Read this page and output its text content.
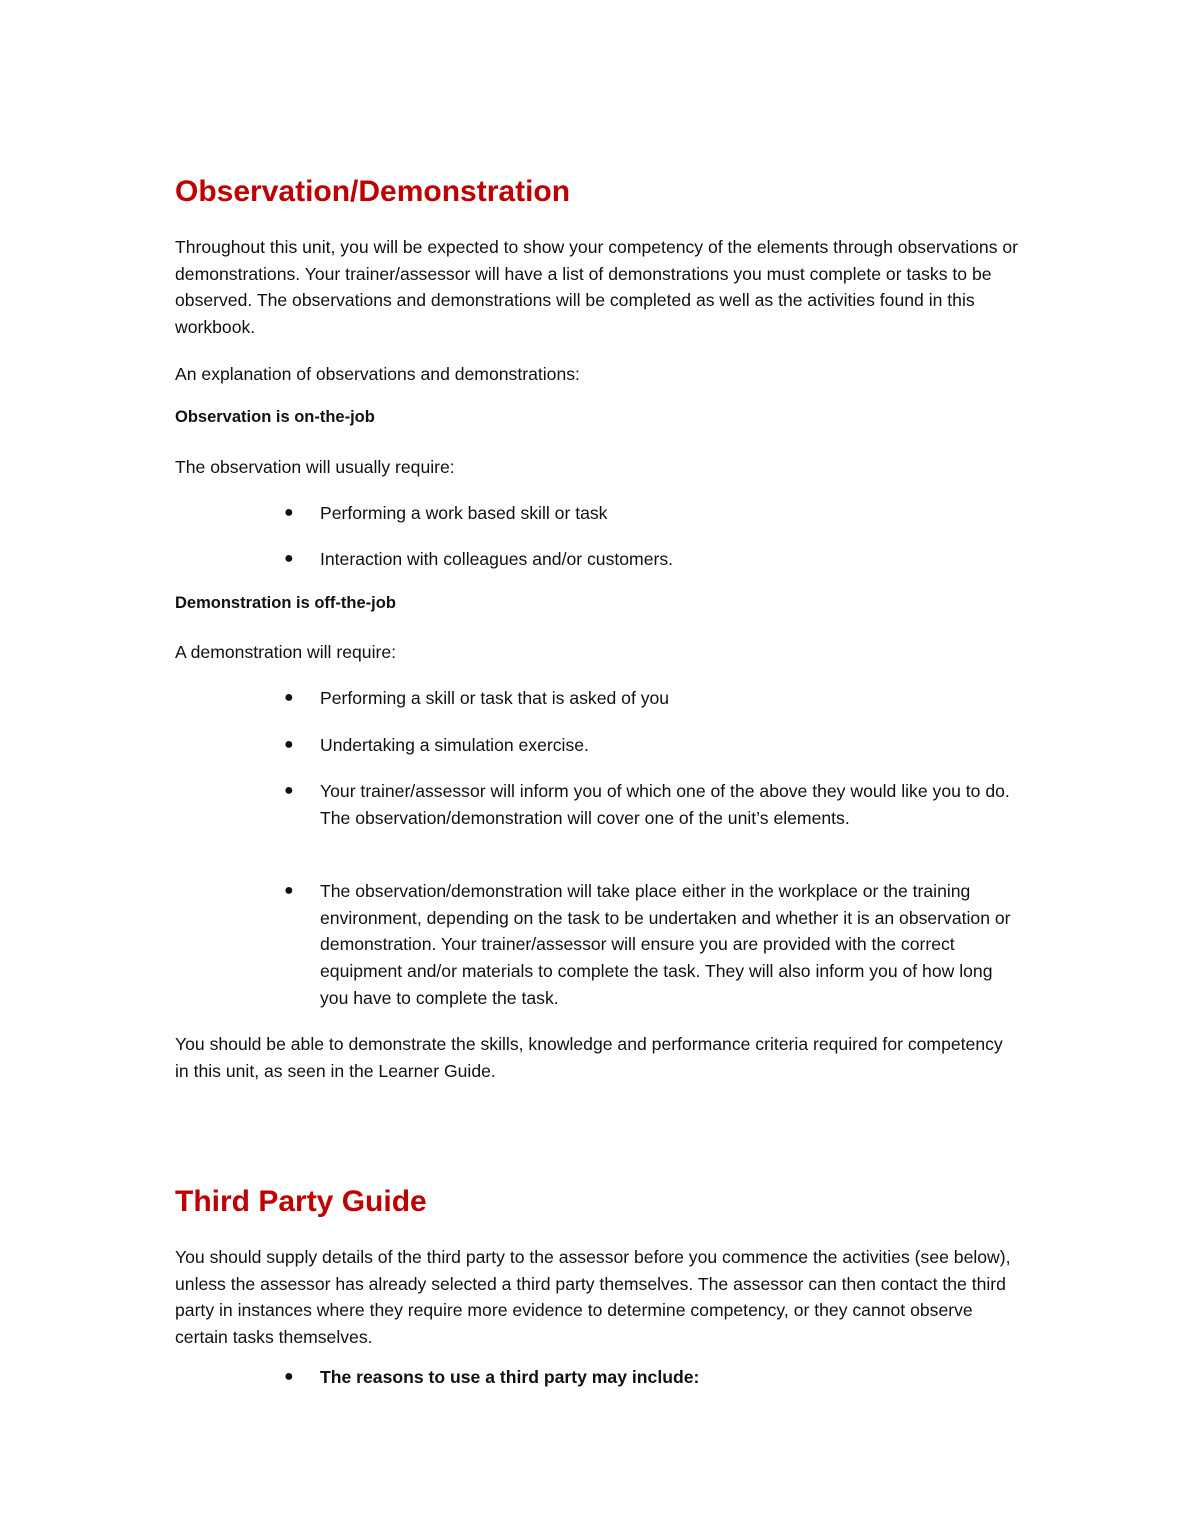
Observation/Demonstration
Throughout this unit, you will be expected to show your competency of the elements through observations or demonstrations. Your trainer/assessor will have a list of demonstrations you must complete or tasks to be observed. The observations and demonstrations will be completed as well as the activities found in this workbook.
An explanation of observations and demonstrations:
Observation is on-the-job
The observation will usually require:
● Performing a work based skill or task
● Interaction with colleagues and/or customers.
Demonstration is off-the-job
A demonstration will require:
● Performing a skill or task that is asked of you
● Undertaking a simulation exercise.
● Your trainer/assessor will inform you of which one of the above they would like you to do. The observation/demonstration will cover one of the unit’s elements.
● The observation/demonstration will take place either in the workplace or the training environment, depending on the task to be undertaken and whether it is an observation or demonstration. Your trainer/assessor will ensure you are provided with the correct equipment and/or materials to complete the task. They will also inform you of how long you have to complete the task.
You should be able to demonstrate the skills, knowledge and performance criteria required for competency in this unit, as seen in the Learner Guide.
Third Party Guide
You should supply details of the third party to the assessor before you commence the activities (see below), unless the assessor has already selected a third party themselves. The assessor can then contact the third party in instances where they require more evidence to determine competency, or they cannot observe certain tasks themselves.
● The reasons to use a third party may include:
